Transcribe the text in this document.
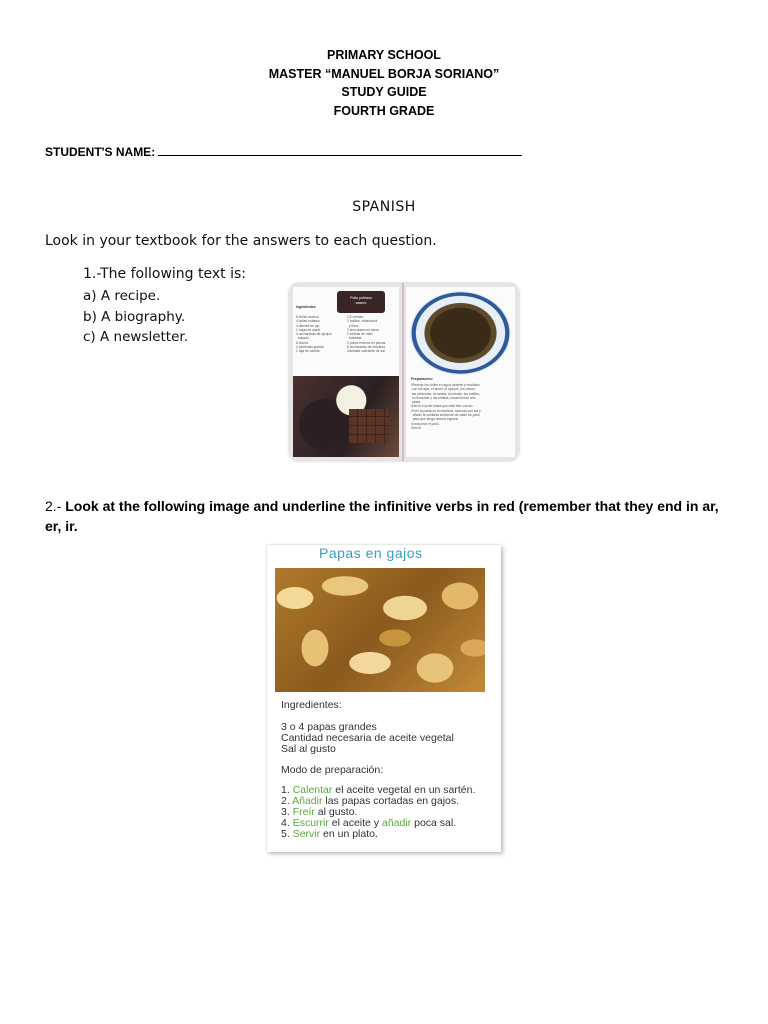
PRIMARY SCHOOL
MASTER “MANUEL BORJA SORIANO”
STUDY GUIDE
FOURTH GRADE
STUDENT'S NAME:
SPANISH
Look in your textbook for the answers to each question.
1.-The following text is:
a) A recipe.
b) A biography.
c) A newsletter.
Pollo poblano
casero
Ingredientes
8 chiles anchos
4 chiles mulatos
4 dientes de ajo
1 hojas de laurel
4 cucharadas de ajonjolí
tostado
8 clavos
2 pimientas gordas
1 raja de canela
1/2 cebolla
2 bolillos, rebanados
y fritos
2 chocolates en barra
2 tortillas de maíz
tostadas
2 pollos enteros en piezas
8 cucharadas de manteca
Cantidad suficiente de sal
Preparación:
•Remoje los chiles en agua caliente y muélalos
con los ajos, el laurel, el ajonjolí, los clavos,
las pimientas, la canela, la cebolla, los bolillos,
el chocolate y las tortillas, hasta formar una
pasta.
•Hervir el pollo hasta que esté bien cocido.
•Freír la pasta en la manteca, sazonar con sal y
añadir la cantidad suficiente de caldo de pollo
para que tenga textura espesa.
•Incorporar el pollo.
•Servir.
2.- Look at the following image and underline the infinitive verbs in red (remember that they end in ar, er, ir.
Papas en gajos
Ingredientes:
3 o 4 papas grandes
Cantidad necesaria de aceite vegetal
Sal al gusto
Modo de preparación:
1. Calentar el aceite vegetal en un sartén.
2. Añadir las papas cortadas en gajos.
3. Freír al gusto.
4. Escurrir el aceite y añadir poca sal.
5. Servir en un plato.
